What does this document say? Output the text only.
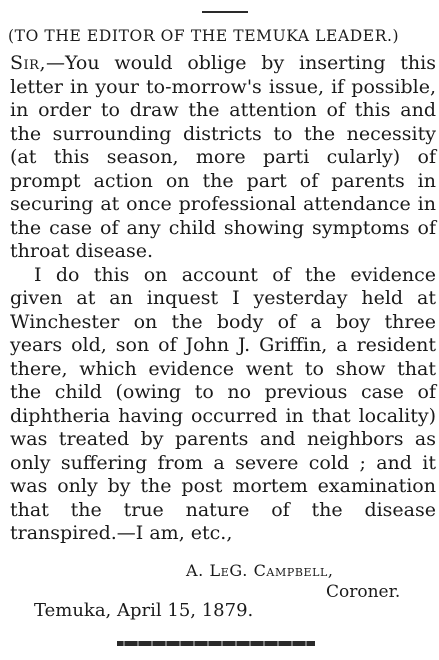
(TO THE EDITOR OF THE TEMUKA LEADER.)

Sir,—You would oblige by inserting this letter in your to-morrow's issue, if possible, in order to draw the attention of this and the surrounding districts to the necessity (at this season, more parti cularly) of prompt action on the part of parents in securing at once professional attendance in the case of any child showing symptoms of throat disease.

I do this on account of the evidence given at an inquest I yesterday held at Winchester on the body of a boy three years old, son of John J. Griffin, a resident there, which evidence went to show that the child (owing to no previous case of diphtheria having occurred in that locality) was treated by parents and neighbors as only suffering from a severe cold ; and it was only by the post mortem examination that the true nature of the disease transpired.—I am, etc.,

A. LeG. Campbell,
Coroner.
Temuka, April 15, 1879.
